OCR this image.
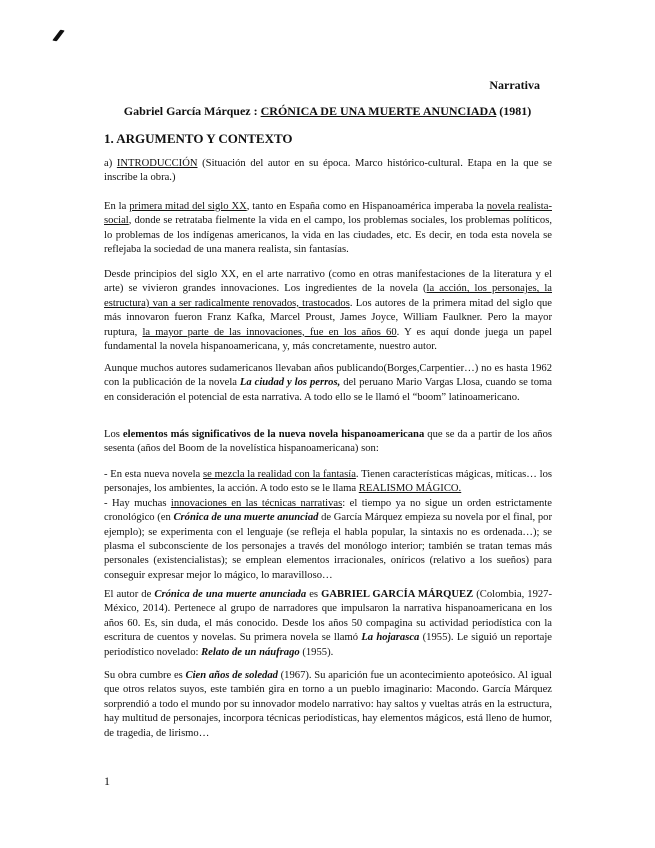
Narrativa
Gabriel García Márquez : CRÓNICA DE UNA MUERTE ANUNCIADA (1981)
1. ARGUMENTO Y CONTEXTO

a) INTRODUCCIÓN (Situación del autor en su época. Marco histórico-cultural. Etapa en la que se inscribe la obra.)

En la primera mitad del siglo XX, tanto en España como en Hispanoamérica imperaba la novela realista-social, donde se retrataba fielmente la vida en el campo, los problemas sociales, los problemas políticos, lo problemas de los indígenas americanos, la vida en las ciudades, etc. Es decir, en toda esta novela se reflejaba la sociedad de una manera realista, sin fantasías.

Desde principios del siglo XX, en el arte narrativo (como en otras manifestaciones de la literatura y el arte) se vivieron grandes innovaciones. Los ingredientes de la novela (la acción, los personajes, la estructura) van a ser radicalmente renovados, trastocados. Los autores de la primera mitad del siglo que más innovaron fueron Franz Kafka, Marcel Proust, James Joyce, William Faulkner. Pero la mayor ruptura, la mayor parte de las innovaciones, fue en los años 60. Y es aquí donde juega un papel fundamental la novela hispanoamericana, y, más concretamente, nuestro autor.

Aunque muchos autores sudamericanos llevaban años publicando(Borges,Carpentier…) no es hasta 1962 con la publicación de la novela La ciudad y los perros, del peruano Mario Vargas Llosa, cuando se toma en consideración el potencial de esta narrativa. A todo ello se le llamó el “boom” latinoamericano.

Los elementos más significativos de la nueva novela hispanoamericana que se da a partir de los años sesenta (años del Boom de la novelística hispanoamericana) son:

- En esta nueva novela se mezcla la realidad con la fantasía. Tienen características mágicas, míticas… los personajes, los ambientes, la acción. A todo esto se le llama REALISMO MÁGICO.
- Hay muchas innovaciones en las técnicas narrativas: el tiempo ya no sigue un orden estrictamente cronológico (en Crónica de una muerte anunciad de García Márquez empieza su novela por el final, por ejemplo); se experimenta con el lenguaje (se refleja el habla popular, la sintaxis no es ordenada…); se plasma el subconsciente de los personajes a través del monólogo interior; también se tratan temas más personales (existencialistas); se emplean elementos irracionales, oníricos (relativo a los sueños) para conseguir expresar mejor lo mágico, lo maravilloso…

El autor de Crónica de una muerte anunciada es GABRIEL GARCÍA MÁRQUEZ (Colombia, 1927- México, 2014). Pertenece al grupo de narradores que impulsaron la narrativa hispanoamericana en los años 60. Es, sin duda, el más conocido. Desde los años 50 compagina su actividad periodística con la escritura de cuentos y novelas. Su primera novela se llamó La hojarasca (1955). Le siguió un reportaje periodístico novelado: Relato de un náufrago (1955).

Su obra cumbre es Cien años de soledad (1967). Su aparición fue un acontecimiento apoteósico. Al igual que otros relatos suyos, este también gira en torno a un pueblo imaginario: Macondo. García Márquez sorprendió a todo el mundo por su innovador modelo narrativo: hay saltos y vueltas atrás en la estructura, hay multitud de personajes, incorpora técnicas periodísticas, hay elementos mágicos, está lleno de humor, de tragedia, de lirismo…

1
